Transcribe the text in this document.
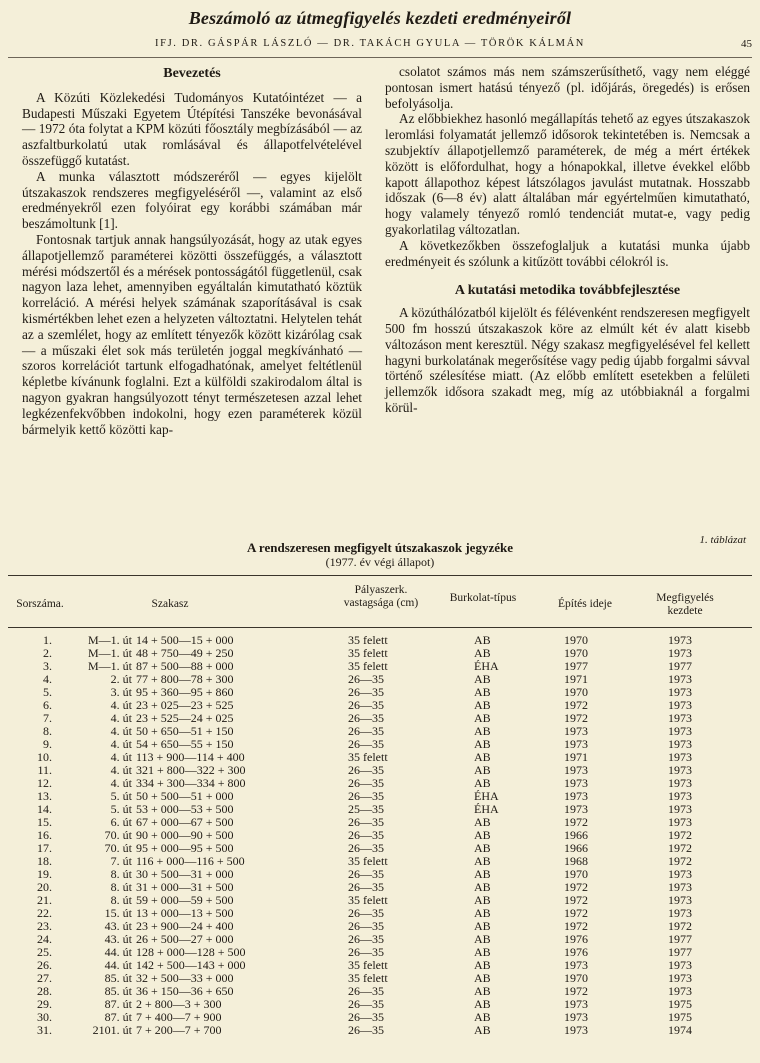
Beszámoló az útmegfigyelés kezdeti eredményeiről
IFJ. DR. GÁSPÁR LÁSZLÓ — DR. TAKÁCH GYULA — TÖRÖK KÁLMÁN	45
Bevezetés

A Közúti Közlekedési Tudományos Kutatóintézet — a Budapesti Műszaki Egyetem Útépítési Tanszéke bevonásával — 1972 óta folytat a KPM közúti főosztály megbízásából — az aszfaltburkolatú utak romlásával és állapotfelvételével összefüggő kutatást.

A munka választott módszeréről — egyes kijelölt útszakaszok rendszeres megfigyeléséről —, valamint az első eredményekről ezen folyóirat egy korábbi számában már beszámoltunk [1].

Fontosnak tartjuk annak hangsúlyozását, hogy az utak egyes állapotjellemző paraméterei közötti összefüggés, a választott mérési módszertől és a mérések pontosságától függetlenül, csak nagyon laza lehet, amennyiben egyáltalán kimutatható köztük korreláció. A mérési helyek számának szaporításával is csak kismértékben lehet ezen a helyzeten változtatni. Helytelen tehát az a szemlélet, hogy az említett tényezők között kizárólag csak — a műszaki élet sok más területén joggal megkívánható — szoros korrelációt tartunk elfogadhatónak, amelyet feltétlenül képletbe kívánunk foglalni. Ezt a külföldi szakirodalom által is nagyon gyakran hangsúlyozott tényt természetesen azzal lehet legkézenfekvőbben indokolni, hogy ezen paraméterek közül bármelyik kettő közötti kap-

csolatot számos más nem számszerűsíthető, vagy nem eléggé pontosan ismert hatású tényező (pl. időjárás, öregedés) is erősen befolyásolja.

Az előbbiekhez hasonló megállapítás tehető az egyes útszakaszok leromlási folyamatát jellemző idősorok tekintetében is. Nemcsak a szubjektív állapotjellemző paraméterek, de még a mért értékek között is előfordulhat, hogy a hónapokkal, illetve évekkel előbb kapott állapothoz képest látszólagos javulást mutatnak. Hosszabb időszak (6—8 év) alatt általában már egyértelműen kimutatható, hogy valamely tényező romló tendenciát mutat-e, vagy pedig gyakorlatilag változatlan.

A következőkben összefoglaljuk a kutatási munka újabb eredményeit és szólunk a kitűzött további célokról is.

A kutatási metodika továbbfejlesztése

A közúthálózatból kijelölt és félévenként rendszeresen megfigyelt 500 fm hosszú útszakaszok köre az elmúlt két év alatt kisebb változáson ment keresztül. Négy szakasz megfigyelésével fel kellett hagyni burkolatának megerősítése vagy pedig újabb forgalmi sávval történő szélesítése miatt. (Az előbb említett esetekben a felületi jellemzők idősora szakadt meg, míg az utóbbiaknál a forgalmi körül-

1. táblázat
A rendszeresen megfigyelt útszakaszok jegyzéke
(1977. év végi állapot)
Sorszáma.	Szakasz
Pályaszerk. vastagsága (cm)	Burkolat-típus	Építés ideje	Megfigyelés kezdete
1.	M—1. út 14 + 500—15 + 000	35 felett	AB	1970	1973
2.	M—1. út 48 + 750—49 + 250	35 felett	AB	1970	1973
3.	M—1. út 87 + 500—88 + 000	35 felett	ÉHA	1977	1977
4.	2. út 77 + 800—78 + 300	26—35	AB	1971	1973
5.	3. út 95 + 360—95 + 860	26—35	AB	1970	1973
6.	4. út 23 + 025—23 + 525	26—35	AB	1972	1973
7.	4. út 23 + 525—24 + 025	26—35	AB	1972	1973
8.	4. út 50 + 650—51 + 150	26—35	AB	1973	1973
9.	4. út 54 + 650—55 + 150	26—35	AB	1973	1973
10.	4. út 113 + 900—114 + 400	35 felett	AB	1971	1973
11.	4. út 321 + 800—322 + 300	26—35	AB	1973	1973
12.	4. út 334 + 300—334 + 800	26—35	AB	1973	1973
13.	5. út 50 + 500—51 + 000	26—35	ÉHA	1973	1973
14.	5. út 53 + 000—53 + 500	25—35	ÉHA	1973	1973
15.	6. út 67 + 000—67 + 500	26—35	AB	1972	1973
16.	70. út 90 + 000—90 + 500	26—35	AB	1966	1972
17.	70. út 95 + 000—95 + 500	26—35	AB	1966	1972
18.	7. út 116 + 000—116 + 500	35 felett	AB	1968	1972
19.	8. út 30 + 500—31 + 000	26—35	AB	1970	1973
20.	8. út 31 + 000—31 + 500	26—35	AB	1972	1973
21.	8. út 59 + 000—59 + 500	35 felett	AB	1972	1973
22.	15. út 13 + 000—13 + 500	26—35	AB	1972	1973
23.	43. út 23 + 900—24 + 400	26—35	AB	1972	1972
24.	43. út 26 + 500—27 + 000	26—35	AB	1976	1977
25.	44. út 128 + 000—128 + 500	26—35	AB	1976	1977
26.	44. út 142 + 500—143 + 000	35 felett	AB	1973	1973
27.	85. út 32 + 500—33 + 000	35 felett	AB	1970	1973
28.	85. út 36 + 150—36 + 650	26—35	AB	1972	1973
29.	87. út 2 + 800—3 + 300	26—35	AB	1973	1975
30.	87. út 7 + 400—7 + 900	26—35	AB	1973	1975
31.	2101. út 7 + 200—7 + 700	26—35	AB	1973	1974
